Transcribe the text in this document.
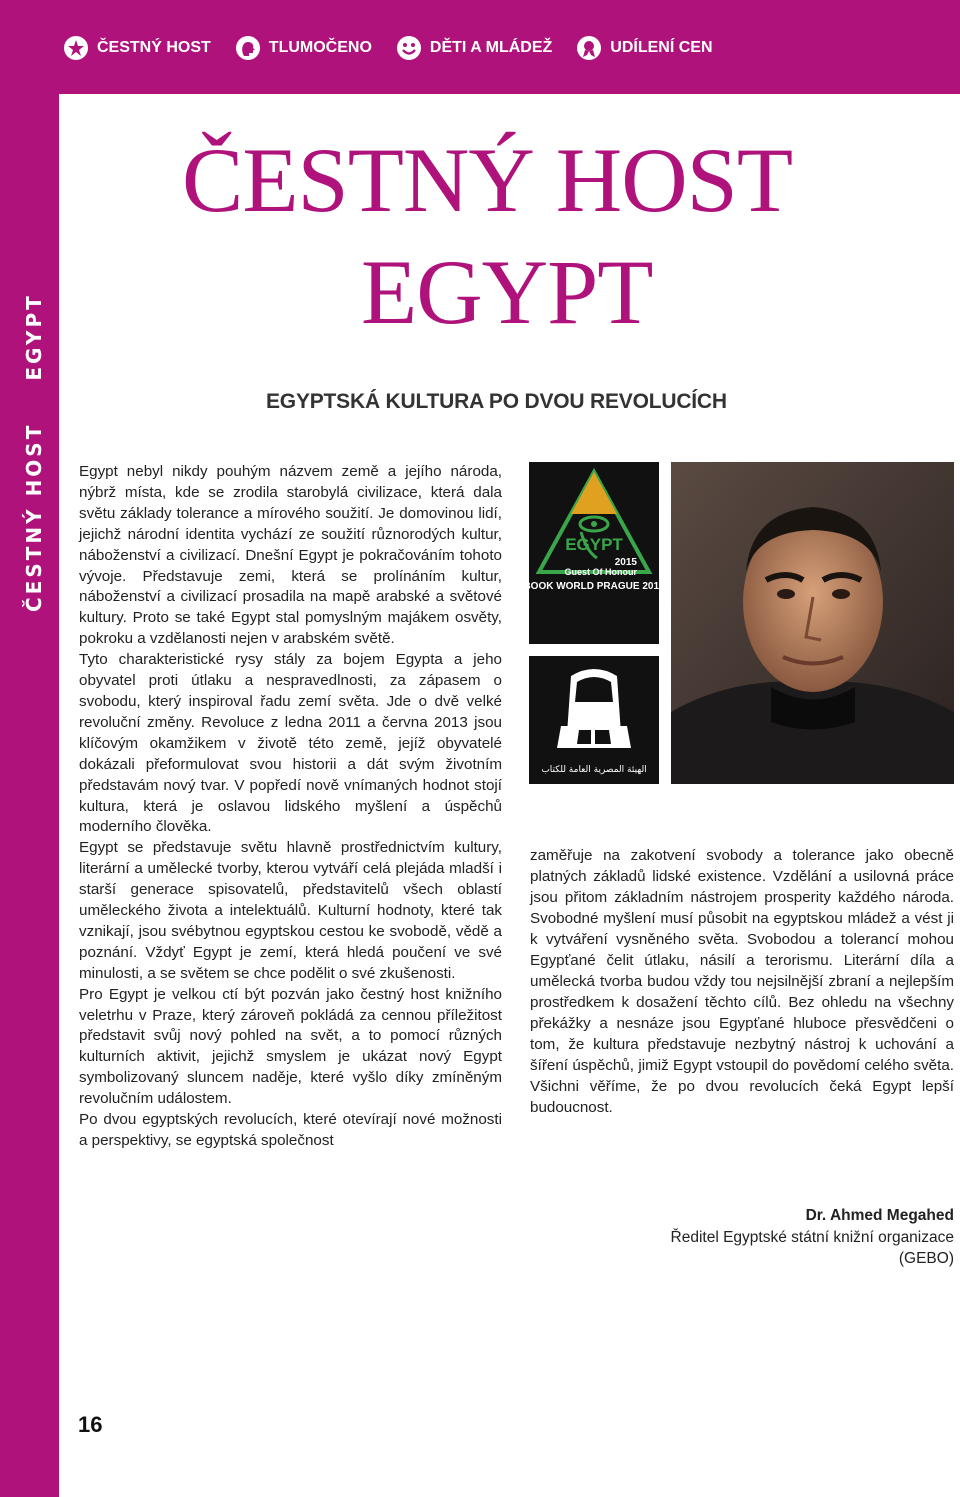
ČESTNÝ HOSTEGYPT
ČESTNÝ HOST	TLUMOČENO	DĚTI A MLÁDEŽ	UDÍLENÍ CEN
ČESTNÝ HOST
EGYPT
EGYPTSKÁ KULTURA PO DVOU REVOLUCÍCH

Egypt nebyl nikdy pouhým názvem země a jejího národa, nýbrž místa, kde se zrodila starobylá civilizace, která dala světu základy tolerance a mírového soužití. Je domovinou lidí, jejichž národní identita vychází ze soužití různorodých kultur, náboženství a civilizací. Dnešní Egypt je pokračováním tohoto vývoje. Představuje zemi, která se prolínáním kultur, náboženství a civilizací prosadila na mapě arabské a světové kultury. Proto se také Egypt stal pomyslným majákem osvěty, pokroku a vzdělanosti nejen v arabském světě.

Tyto charakteristické rysy stály za bojem Egypta a jeho obyvatel proti útlaku a nespravedlnosti, za zápasem o svobodu, který inspiroval řadu zemí světa. Jde o dvě velké revoluční změny. Revoluce z ledna 2011 a června 2013 jsou klíčovým okamžikem v životě této země, jejíž obyvatelé dokázali přeformulovat svou historii a dát svým životním představám nový tvar. V popředí nově vnímaných hodnot stojí kultura, která je oslavou lidského myšlení a úspěchů moderního člověka.

Egypt se představuje světu hlavně prostřednictvím kultury, literární a umělecké tvorby, kterou vytváří celá plejáda mladší i starší generace spisovatelů, představitelů všech oblastí uměleckého života a intelektuálů. Kulturní hodnoty, které tak vznikají, jsou svébytnou egyptskou cestou ke svobodě, vědě a poznání. Vždyť Egypt je zemí, která hledá poučení ve své minulosti, a se světem se chce podělit o své zkušenosti.

Pro Egypt je velkou ctí být pozván jako čestný host knižního veletrhu v Praze, který zároveň pokládá za cennou příležitost představit svůj nový pohled na svět, a to pomocí různých kulturních aktivit, jejichž smyslem je ukázat nový Egypt symbolizovaný sluncem naděje, které vyšlo díky zmíněným revolučním událostem.

Po dvou egyptských revolucích, které otevírají nové možnosti a perspektivy, se egyptská společnost

EGYPT
2015
Guest Of Honour
BOOK WORLD PRAGUE 2015
الهيئة المصرية العامة للكتاب

zaměřuje na zakotvení svobody a tolerance jako obecně platných základů lidské existence. Vzdělání a usilovná práce jsou přitom základním nástrojem prosperity každého národa. Svobodné myšlení musí působit na egyptskou mládež a vést ji k vytváření vysněného světa. Svobodou a tolerancí mohou Egypťané čelit útlaku, násilí a terorismu. Literární díla a umělecká tvorba budou vždy tou nejsilnější zbraní a nejlepším prostředkem k dosažení těchto cílů. Bez ohledu na všechny překážky a nesnáze jsou Egypťané hluboce přesvědčeni o tom, že kultura představuje nezbytný nástroj k uchování a šíření úspěchů, jimiž Egypt vstoupil do povědomí celého světa. Všichni věříme, že po dvou revolucích čeká Egypt lepší budoucnost.

Dr. Ahmed Megahed
Ředitel Egyptské státní knižní organizace
(GEBO)
16
